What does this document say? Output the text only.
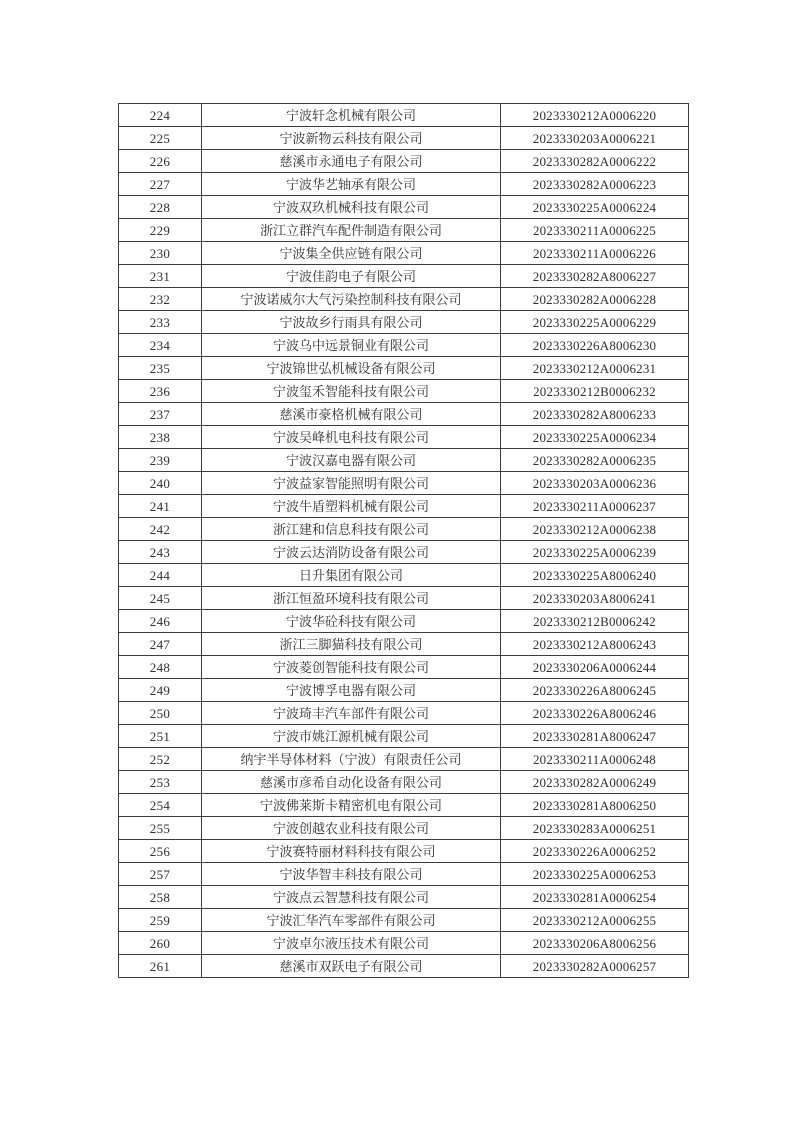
224	宁波轩念机械有限公司	2023330212A0006220
225	宁波新物云科技有限公司	2023330203A0006221
226	慈溪市永通电子有限公司	2023330282A0006222
227	宁波华艺轴承有限公司	2023330282A0006223
228	宁波双玖机械科技有限公司	2023330225A0006224
229	浙江立群汽车配件制造有限公司	2023330211A0006225
230	宁波集全供应链有限公司	2023330211A0006226
231	宁波佳韵电子有限公司	2023330282A8006227
232	宁波诺威尔大气污染控制科技有限公司	2023330282A0006228
233	宁波故乡行雨具有限公司	2023330225A0006229
234	宁波乌中远景铜业有限公司	2023330226A8006230
235	宁波锦世弘机械设备有限公司	2023330212A0006231
236	宁波玺禾智能科技有限公司	2023330212B0006232
237	慈溪市豪格机械有限公司	2023330282A8006233
238	宁波吴峰机电科技有限公司	2023330225A0006234
239	宁波汉嘉电器有限公司	2023330282A0006235
240	宁波益家智能照明有限公司	2023330203A0006236
241	宁波牛盾塑料机械有限公司	2023330211A0006237
242	浙江建和信息科技有限公司	2023330212A0006238
243	宁波云达消防设备有限公司	2023330225A0006239
244	日升集团有限公司	2023330225A8006240
245	浙江恒盈环境科技有限公司	2023330203A8006241
246	宁波华砼科技有限公司	2023330212B0006242
247	浙江三脚猫科技有限公司	2023330212A8006243
248	宁波菱创智能科技有限公司	2023330206A0006244
249	宁波博孚电器有限公司	2023330226A8006245
250	宁波琦丰汽车部件有限公司	2023330226A8006246
251	宁波市姚江源机械有限公司	2023330281A8006247
252	纳宇半导体材料（宁波）有限责任公司	2023330211A0006248
253	慈溪市彦希自动化设备有限公司	2023330282A0006249
254	宁波佛莱斯卡精密机电有限公司	2023330281A8006250
255	宁波创越农业科技有限公司	2023330283A0006251
256	宁波赛特丽材料科技有限公司	2023330226A0006252
257	宁波华智丰科技有限公司	2023330225A0006253
258	宁波点云智慧科技有限公司	2023330281A0006254
259	宁波汇华汽车零部件有限公司	2023330212A0006255
260	宁波卓尔液压技术有限公司	2023330206A8006256
261	慈溪市双跃电子有限公司	2023330282A0006257
